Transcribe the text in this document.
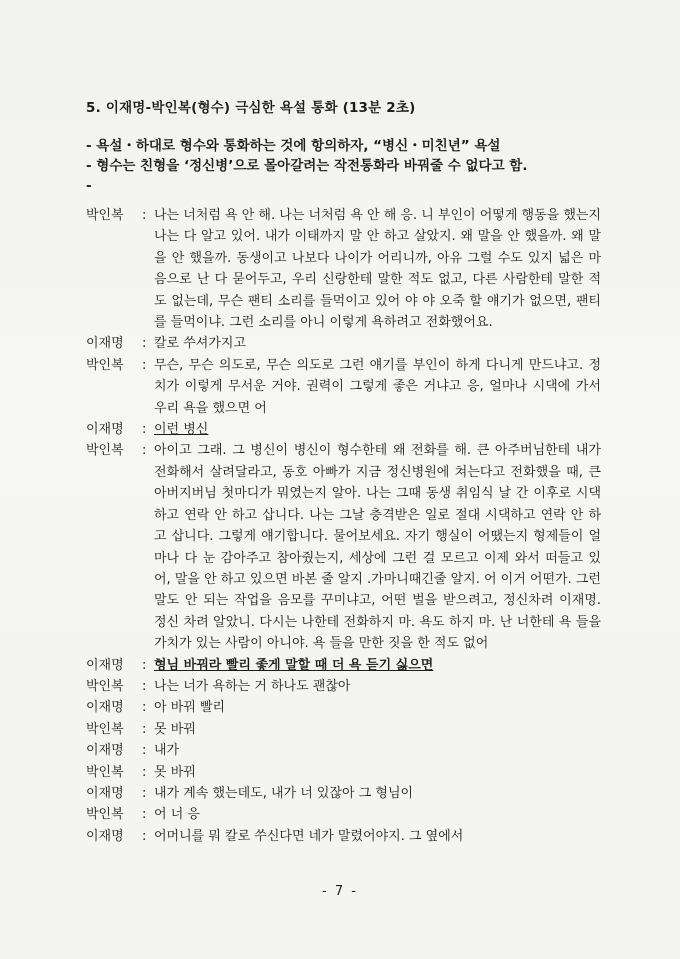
5. 이재명-박인복(형수) 극심한 욕설 통화 (13분 2초)
- 욕설・하대로 형수와 통화하는 것에 항의하자, “병신・미친년” 욕설
- 형수는 친형을 ‘정신병’으로 몰아갈려는 작전통화라 바꿔줄 수 없다고 함.
-
박인복	: 나는 너처럼 욕 안 해. 나는 너처럼 욕 안 해 응. 니 부인이 어떻게 행동을 했는지 나는 다 알고 있어. 내가 이태까지 말 안 하고 살았지. 왜 말을 안 했을까. 왜 말을 안 했을까. 동생이고 나보다 나이가 어리니까, 아유 그럴 수도 있지 넓은 마음으로 난 다 묻어두고, 우리 신랑한테 말한 적도 없고, 다른 사람한테 말한 적도 없는데, 무슨 팬티 소리를 들먹이고 있어 야 야 오죽 할 얘기가 없으면, 팬티를 들먹이냐. 그런 소리를 아니 이렇게 욕하려고 전화했어요.
이재명	: 칼로 쑤셔가지고
박인복	: 무슨, 무슨 의도로, 무슨 의도로 그런 얘기를 부인이 하게 다니게 만드냐고. 정치가 이렇게 무서운 거야. 권력이 그렇게 좋은 거냐고 응, 얼마나 시댁에 가서 우리 욕을 했으면 어
이재명	: 이런 병신
박인복	: 아이고 그래. 그 병신이 병신이 형수한테 왜 전화를 해. 큰 아주버님한테 내가 전화해서 살려달라고, 동호 아빠가 지금 정신병원에 쳐는다고 전화했을 때, 큰아버지버님 첫마디가 뭐였는지 알아. 나는 그때 동생 취임식 날 간 이후로 시댁하고 연락 안 하고 삽니다. 나는 그날 충격받은 일로 절대 시댁하고 연락 안 하고 삽니다. 그렇게 얘기합니다. 물어보세요. 자기 행실이 어땠는지 형제들이 얼마나 다 눈 감아주고 참아줬는지, 세상에 그런 걸 모르고 이제 와서 떠들고 있어, 말을 안 하고 있으면 바본 줄 알지 .가마니때긴줄 알지. 어 이거 어떤가. 그런 말도 안 되는 작업을 음모를 꾸미냐고, 어떤 벌을 받으려고, 정신차려 이재명. 정신 차려 알았니. 다시는 나한테 전화하지 마. 욕도 하지 마. 난 너한테 욕 들을 가치가 있는 사람이 아니야. 욕 들을 만한 짓을 한 적도 없어
이재명	: 형님 바꿔라 빨리 좋게 말할 때 더 욕 듣기 싫으면
박인복	: 나는 너가 욕하는 거 하나도 괜찮아
이재명	: 아 바꿔 빨리
박인복	: 못 바꿔
이재명	: 내가
박인복	: 못 바꿔
이재명	: 내가 계속 했는데도, 내가 너 있잖아 그 형님이
박인복	: 어 너 응
이재명	: 어머니를 뭐 칼로 쑤신다면 네가 말렸어야지. 그 옆에서
- 7 -
